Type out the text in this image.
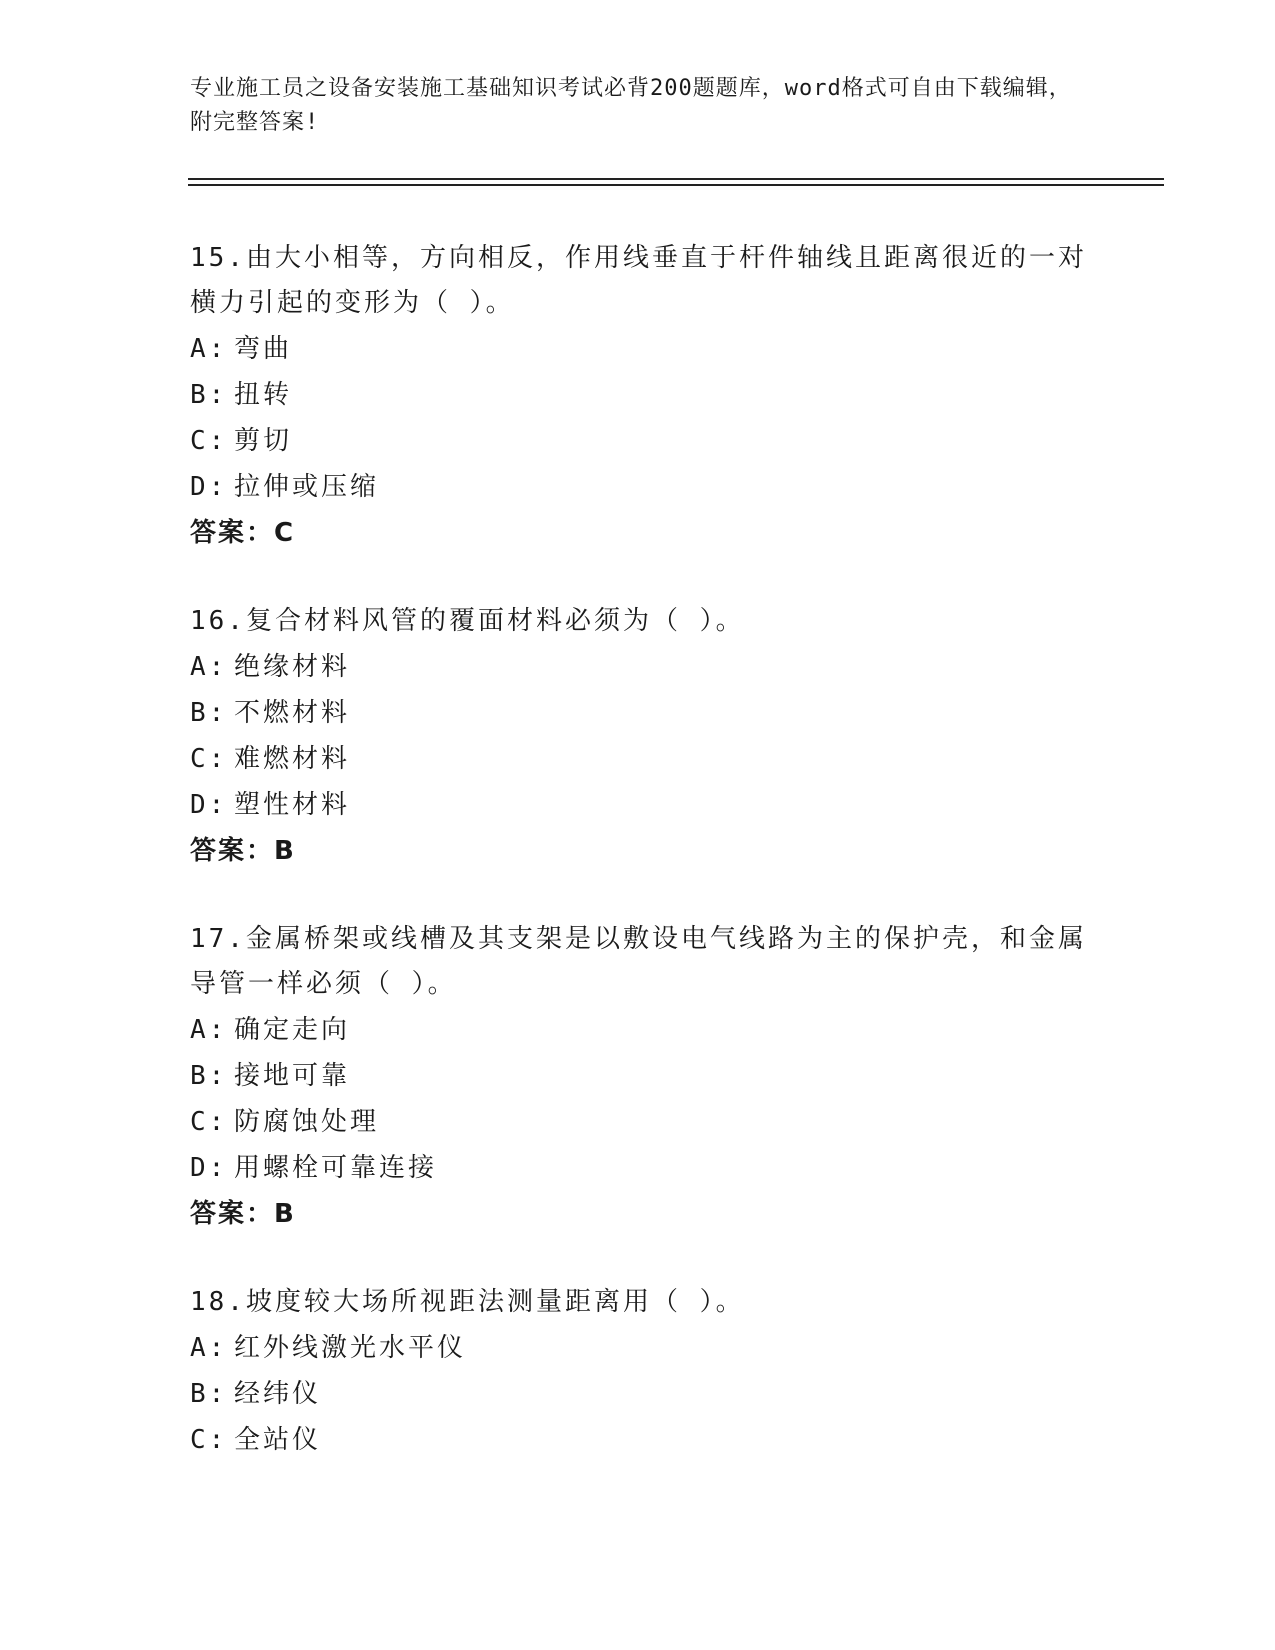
专业施工员之设备安装施工基础知识考试必背200题题库，word格式可自由下载编辑，附完整答案!

15.由大小相等，方向相反，作用线垂直于杆件轴线且距离很近的一对横力引起的变形为（ ）。

A: 弯曲
B: 扭转
C: 剪切
D: 拉伸或压缩
答案：C

16.复合材料风管的覆面材料必须为（ ）。

A: 绝缘材料
B: 不燃材料
C: 难燃材料
D: 塑性材料
答案：B

17.金属桥架或线槽及其支架是以敷设电气线路为主的保护壳，和金属导管一样必须（ ）。

A: 确定走向
B: 接地可靠
C: 防腐蚀处理
D: 用螺栓可靠连接
答案：B

18.坡度较大场所视距法测量距离用（ ）。

A: 红外线激光水平仪
B: 经纬仪
C: 全站仪
